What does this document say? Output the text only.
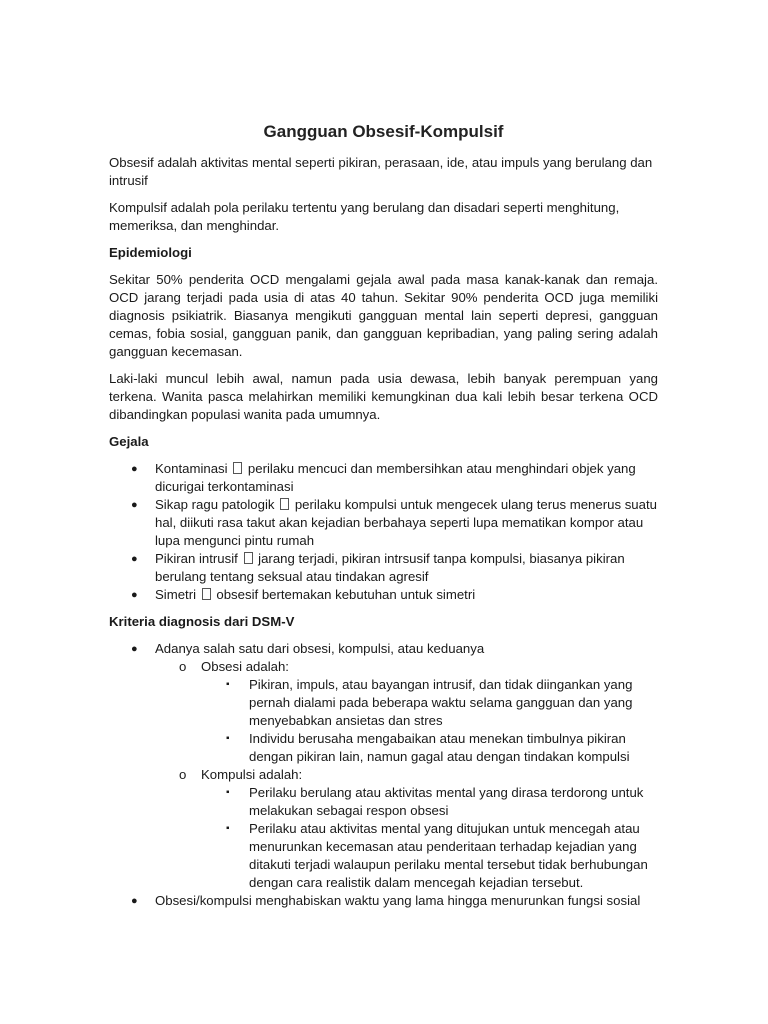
Gangguan Obsesif-Kompulsif

Obsesif adalah aktivitas mental seperti pikiran, perasaan, ide, atau impuls yang berulang dan intrusif

Kompulsif adalah pola perilaku tertentu yang berulang dan disadari seperti menghitung, memeriksa, dan menghindar.

Epidemiologi

Sekitar 50% penderita OCD mengalami gejala awal pada masa kanak-kanak dan remaja. OCD jarang terjadi pada usia di atas 40 tahun. Sekitar 90% penderita OCD juga memiliki diagnosis psikiatrik. Biasanya mengikuti gangguan mental lain seperti depresi, gangguan cemas, fobia sosial, gangguan panik, dan gangguan kepribadian, yang paling sering adalah gangguan kecemasan.

Laki-laki muncul lebih awal, namun pada usia dewasa, lebih banyak perempuan yang terkena. Wanita pasca melahirkan memiliki kemungkinan dua kali lebih besar terkena OCD dibandingkan populasi wanita pada umumnya.

Gejala
● Kontaminasi perilaku mencuci dan membersihkan atau menghindari objek yang dicurigai terkontaminasi
● Sikap ragu patologik perilaku kompulsi untuk mengecek ulang terus menerus suatu hal, diikuti rasa takut akan kejadian berbahaya seperti lupa mematikan kompor atau lupa mengunci pintu rumah
● Pikiran intrusif jarang terjadi, pikiran intrsusif tanpa kompulsi, biasanya pikiran berulang tentang seksual atau tindakan agresif
● Simetri obsesif bertemakan kebutuhan untuk simetri
Kriteria diagnosis dari DSM-V
● Adanya salah satu dari obsesi, kompulsi, atau keduanya
o Obsesi adalah:
▪ Pikiran, impuls, atau bayangan intrusif, dan tidak diingankan yang pernah dialami pada beberapa waktu selama gangguan dan yang menyebabkan ansietas dan stres
▪ Individu berusaha mengabaikan atau menekan timbulnya pikiran dengan pikiran lain, namun gagal atau dengan tindakan kompulsi
o Kompulsi adalah:
▪ Perilaku berulang atau aktivitas mental yang dirasa terdorong untuk melakukan sebagai respon obsesi
▪ Perilaku atau aktivitas mental yang ditujukan untuk mencegah atau menurunkan kecemasan atau penderitaan terhadap kejadian yang ditakuti terjadi walaupun perilaku mental tersebut tidak berhubungan dengan cara realistik dalam mencegah kejadian tersebut.
● Obsesi/kompulsi menghabiskan waktu yang lama hingga menurunkan fungsi sosial
